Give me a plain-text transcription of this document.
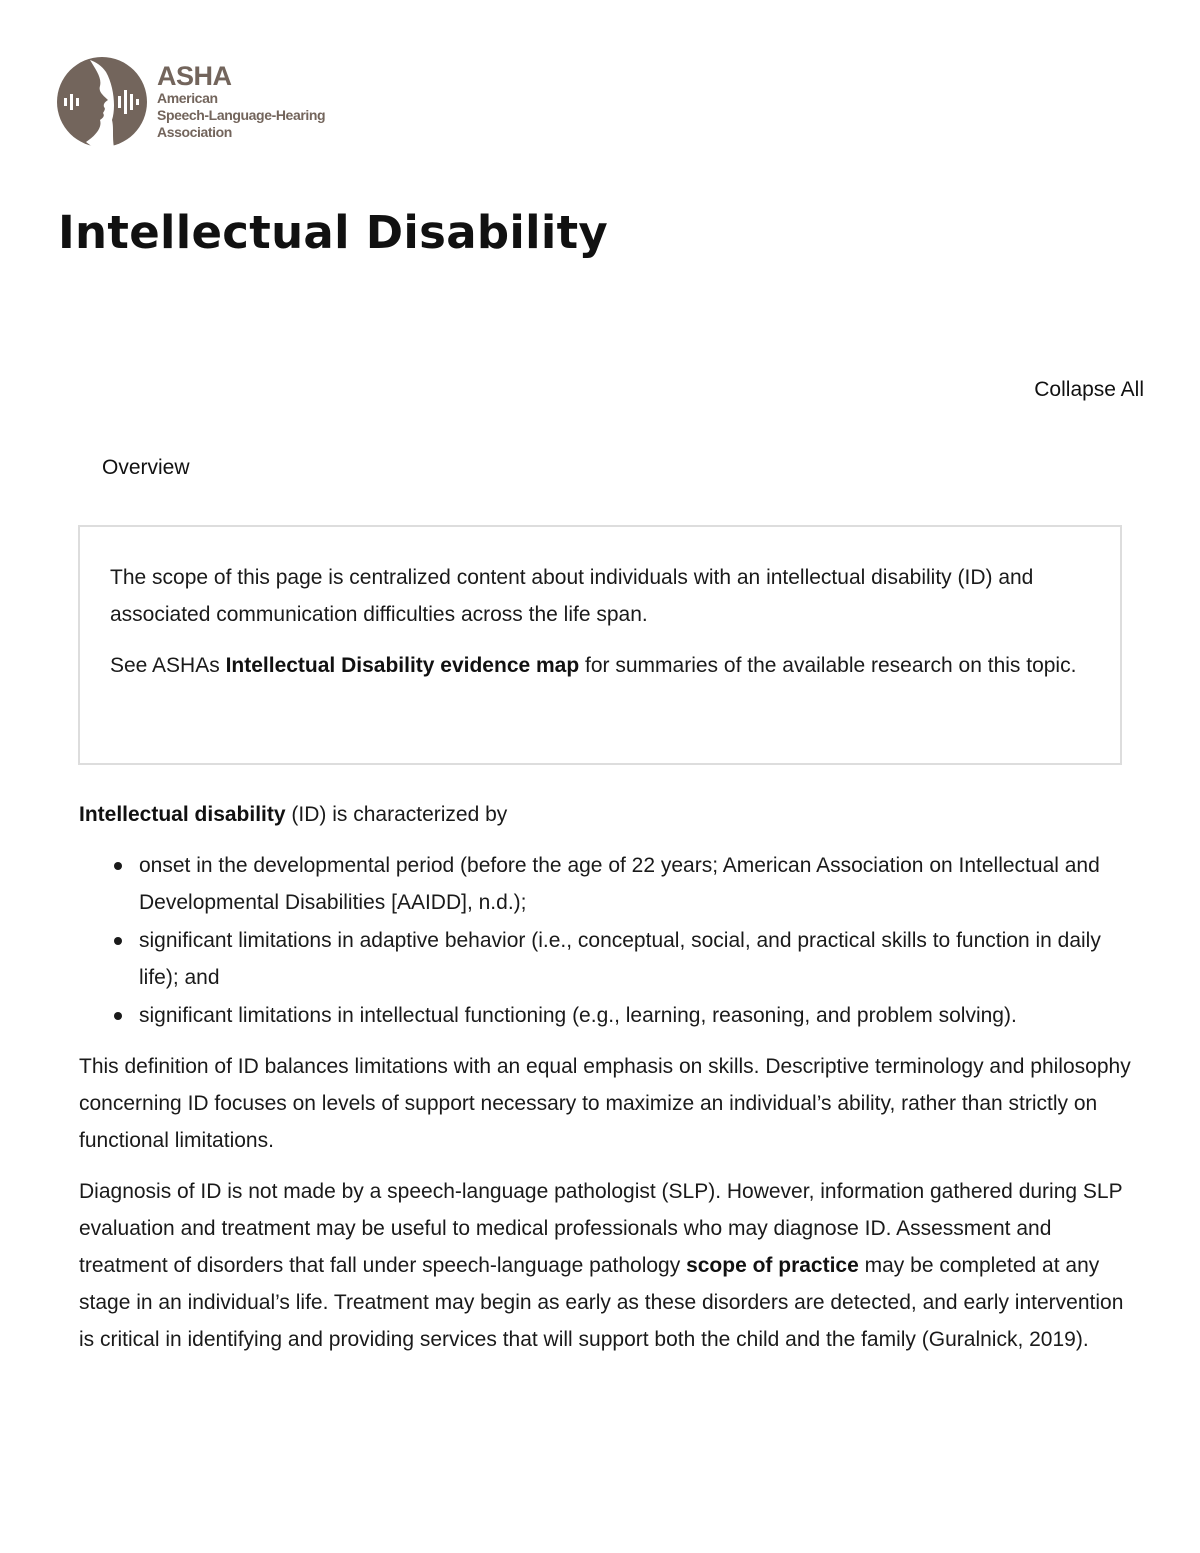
ASHA
American
Speech-Language-Hearing
Association
Intellectual Disability
Collapse All
Overview

The scope of this page is centralized content about individuals with an intellectual disability (ID) and associated communication difficulties across the life span.

See ASHAs Intellectual Disability evidence map for summaries of the available research on this topic.

Intellectual disability (ID) is characterized by

onset in the developmental period (before the age of 22 years; American Association on Intellectual and Developmental Disabilities [AAIDD], n.d.);
significant limitations in adaptive behavior (i.e., conceptual, social, and practical skills to function in daily life); and
significant limitations in intellectual functioning (e.g., learning, reasoning, and problem solving).

This definition of ID balances limitations with an equal emphasis on skills. Descriptive terminology and philosophy concerning ID focuses on levels of support necessary to maximize an individual’s ability, rather than strictly on functional limitations.

Diagnosis of ID is not made by a speech-language pathologist (SLP). However, information gathered during SLP evaluation and treatment may be useful to medical professionals who may diagnose ID. Assessment and treatment of disorders that fall under speech-language pathology scope of practice may be completed at any stage in an individual’s life. Treatment may begin as early as these disorders are detected, and early intervention is critical in identifying and providing services that will support both the child and the family (Guralnick, 2019).
